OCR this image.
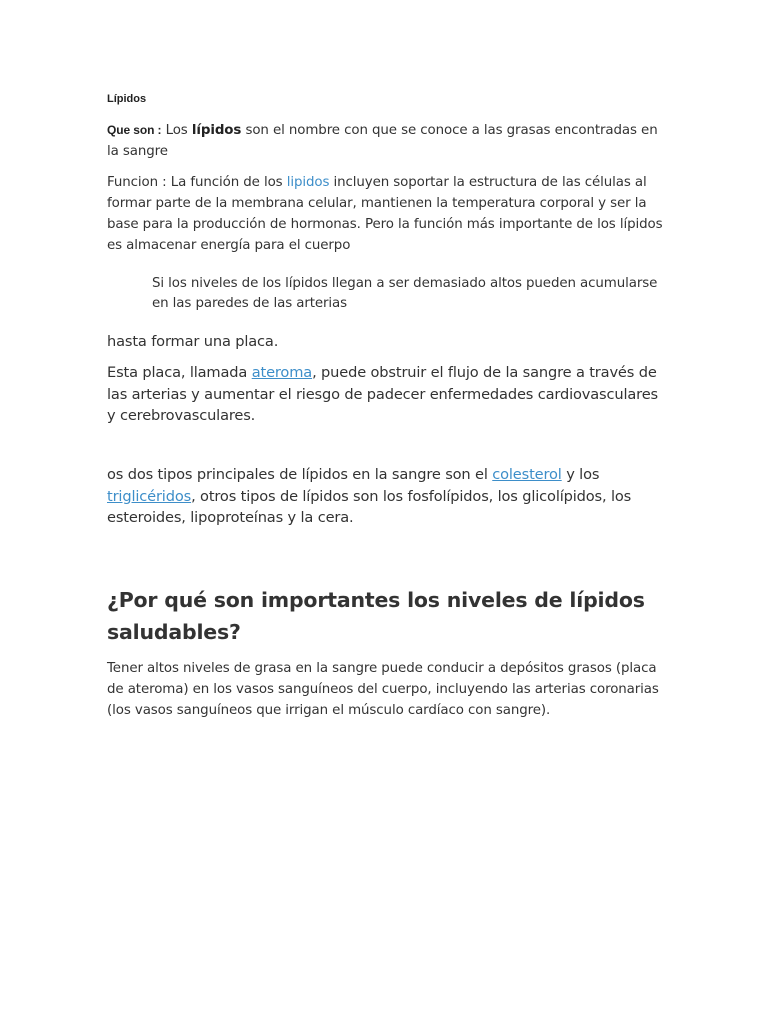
Lípidos

Que son : Los lípidos son el nombre con que se conoce a las grasas encontradas en la sangre

Funcion : La función de los lipidos incluyen soportar la estructura de las células al formar parte de la membrana celular, mantienen la temperatura corporal y ser la base para la producción de hormonas. Pero la función más importante de los lípidos es almacenar energía para el cuerpo

Si los niveles de los lípidos llegan a ser demasiado altos pueden acumularse en las paredes de las arterias

hasta formar una placa.

Esta placa, llamada ateroma, puede obstruir el flujo de la sangre a través de las arterias y aumentar el riesgo de padecer enfermedades cardiovasculares y cerebrovasculares.

os dos tipos principales de lípidos en la sangre son el colesterol y los triglicéridos, otros tipos de lípidos son los fosfolípidos, los glicolípidos, los esteroides, lipoproteínas y la cera.

¿Por qué son importantes los niveles de lípidos saludables?

Tener altos niveles de grasa en la sangre puede conducir a depósitos grasos (placa de ateroma) en los vasos sanguíneos del cuerpo, incluyendo las arterias coronarias (los vasos sanguíneos que irrigan el músculo cardíaco con sangre).
